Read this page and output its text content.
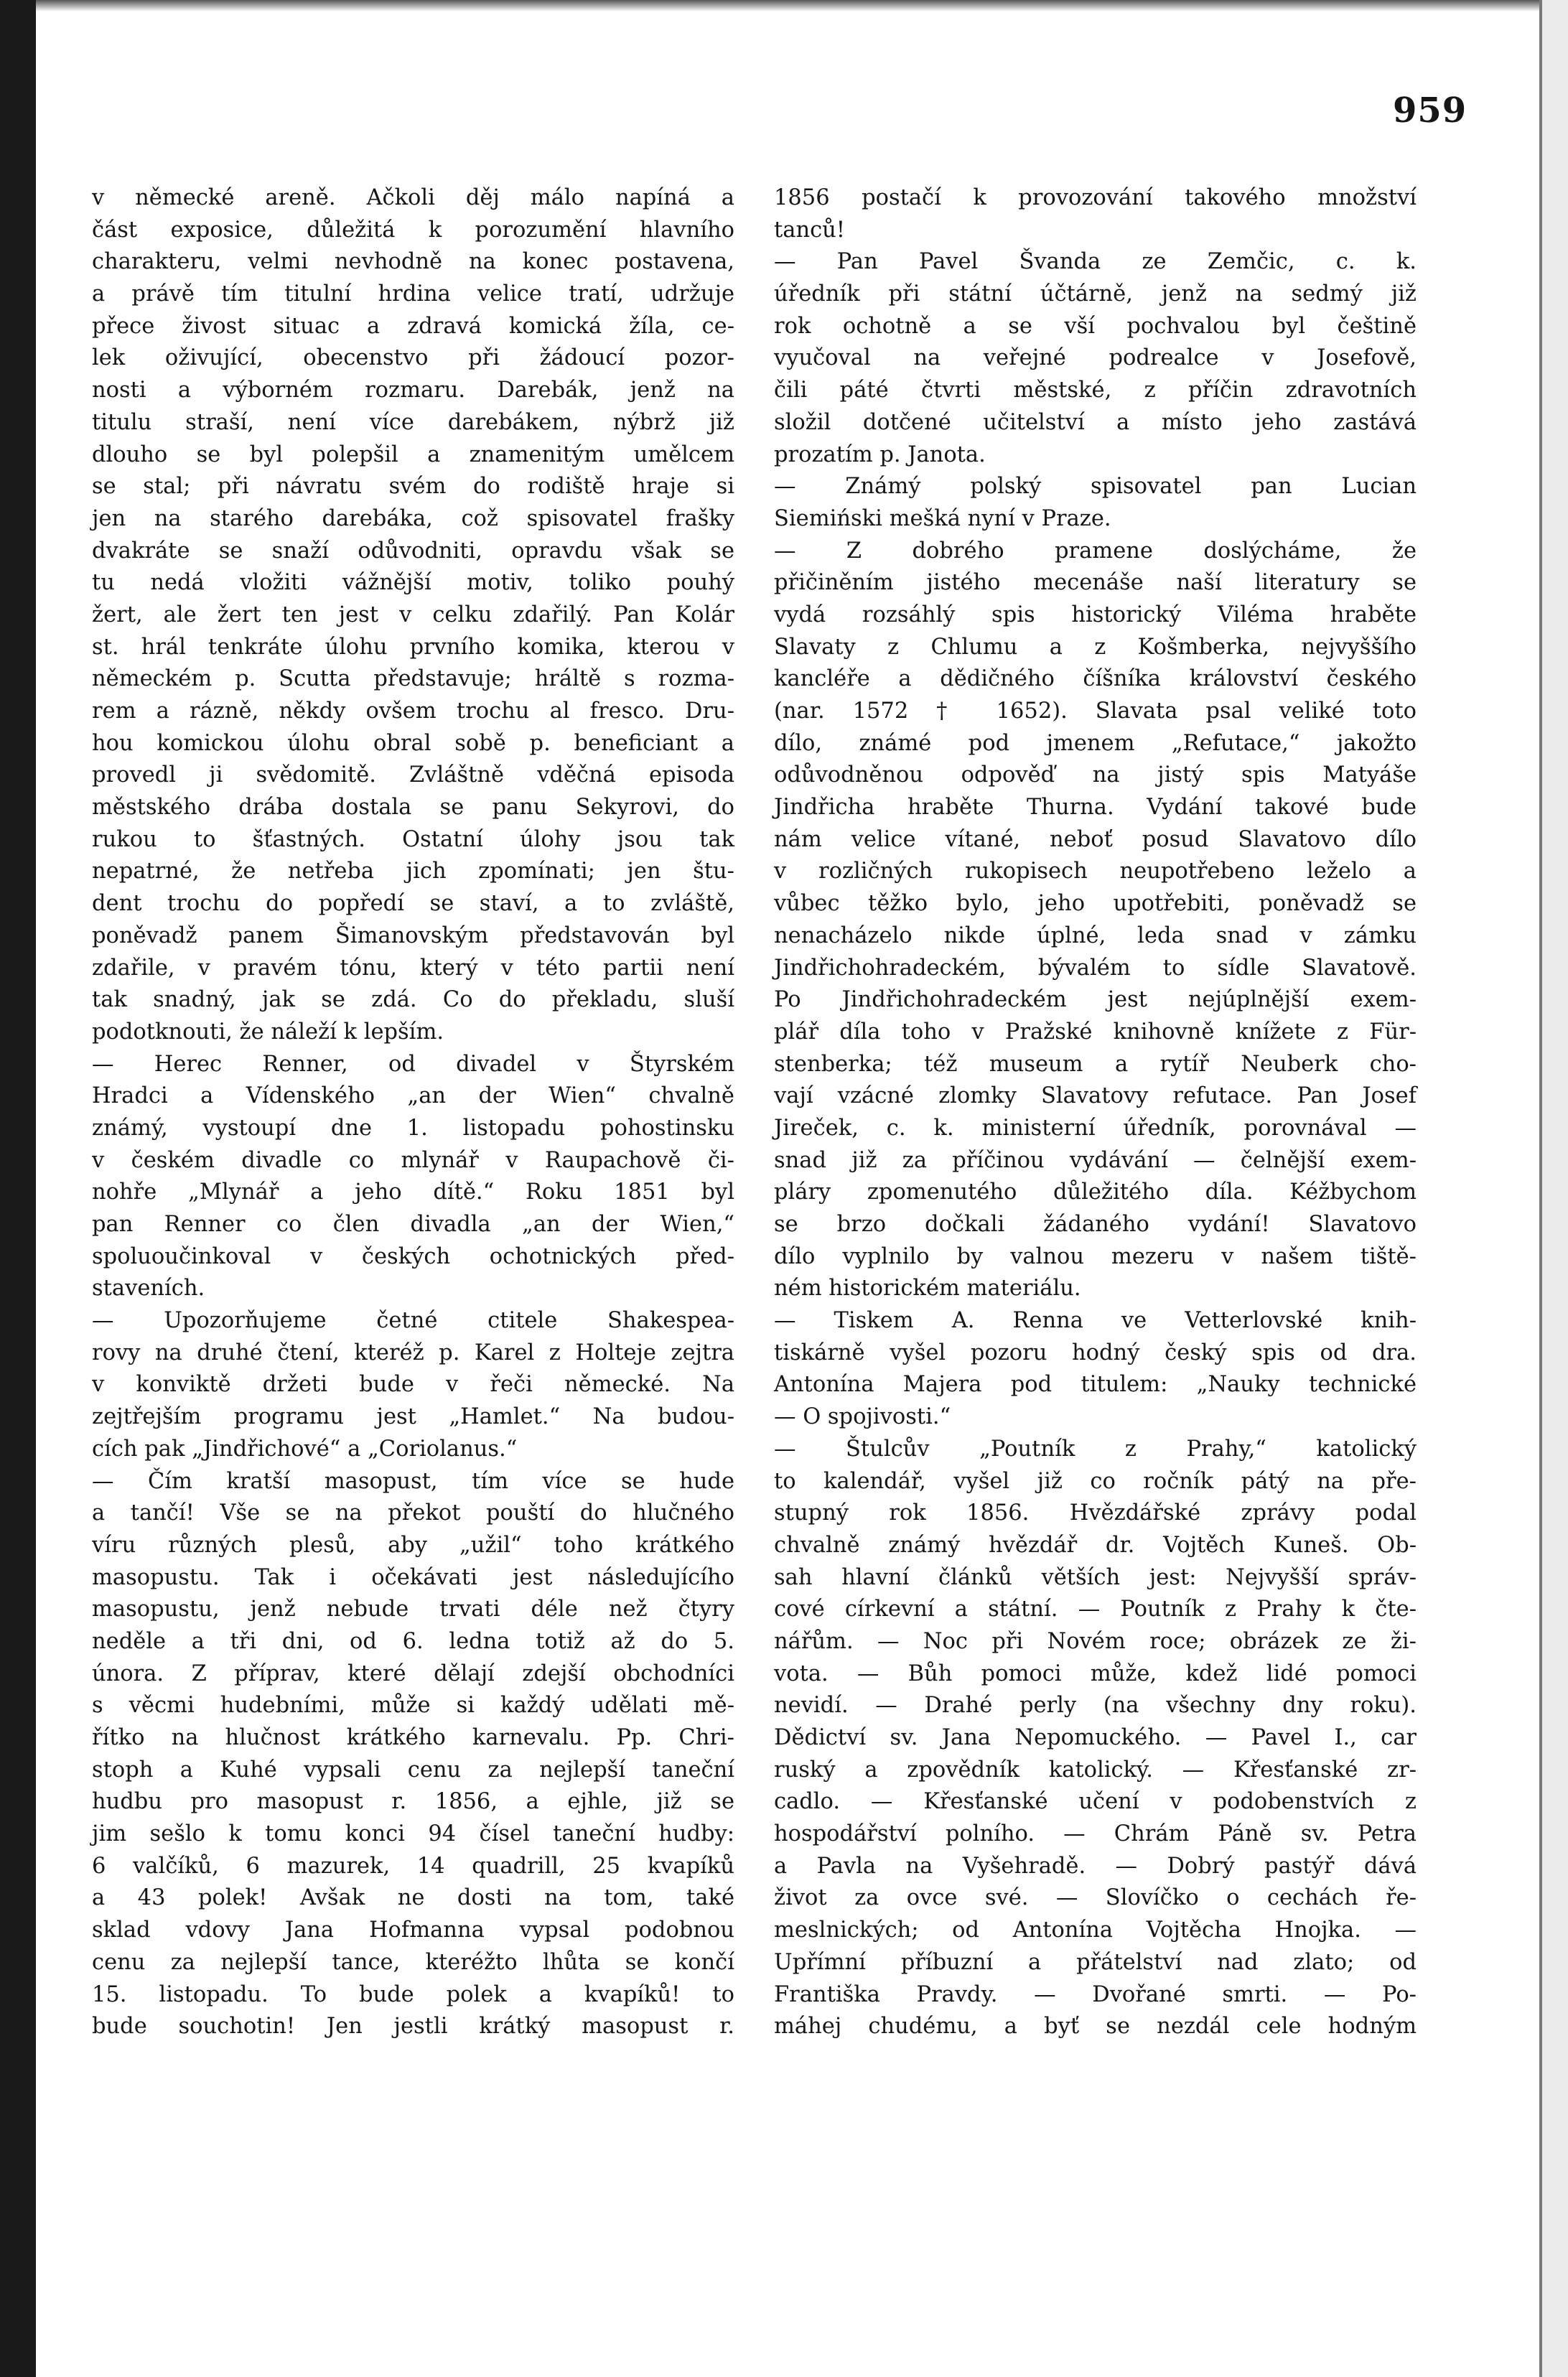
959
v německé areně. Ačkoli děj málo napíná a
část exposice, důležitá k porozumění hlavního
charakteru, velmi nevhodně na konec postavena,
a právě tím titulní hrdina velice tratí, udržuje
přece živost situac a zdravá komická žíla, ce-
lek oživující, obecenstvo při žádoucí pozor-
nosti a výborném rozmaru. Darebák, jenž na
titulu straší, není více darebákem, nýbrž již
dlouho se byl polepšil a znamenitým umělcem
se stal; při návratu svém do rodiště hraje si
jen na starého darebáka, což spisovatel frašky
dvakráte se snaží odůvodniti, opravdu však se
tu nedá vložiti vážnější motiv, toliko pouhý
žert, ale žert ten jest v celku zdařilý. Pan Kolár
st. hrál tenkráte úlohu prvního komika, kterou v
německém p. Scutta představuje; hráltě s rozma-
rem a rázně, někdy ovšem trochu al fresco. Dru-
hou komickou úlohu obral sobě p. beneficiant a
provedl ji svědomitě. Zvláštně vděčná episoda
městského drába dostala se panu Sekyrovi, do
rukou to šťastných. Ostatní úlohy jsou tak
nepatrné, že netřeba jich zpomínati; jen štu-
dent trochu do popředí se staví, a to zvláště,
poněvadž panem Šimanovským představován byl
zdařile, v pravém tónu, který v této partii není
tak snadný, jak se zdá. Co do překladu, sluší
podotknouti, že náleží k lepším.
— Herec Renner, od divadel v Štyrském
Hradci a Vídenského „an der Wien“ chvalně
známý, vystoupí dne 1. listopadu pohostinsku
v českém divadle co mlynář v Raupachově či-
nohře „Mlynář a jeho dítě.“ Roku 1851 byl
pan Renner co člen divadla „an der Wien,“
spoluoučinkoval v českých ochotnických před-
staveních.
— Upozorňujeme četné ctitele Shakespea-
rovy na druhé čtení, kteréž p. Karel z Holteje zejtra
v konviktě držeti bude v řeči německé. Na
zejtřejším programu jest „Hamlet.“ Na budou-
cích pak „Jindřichové“ a „Coriolanus.“
— Čím kratší masopust, tím více se hude
a tančí! Vše se na překot pouští do hlučného
víru různých plesů, aby „užil“ toho krátkého
masopustu. Tak i očekávati jest následujícího
masopustu, jenž nebude trvati déle než čtyry
neděle a tři dni, od 6. ledna totiž až do 5.
února. Z příprav, které dělají zdejší obchodníci
s věcmi hudebními, může si každý udělati mě-
řítko na hlučnost krátkého karnevalu. Pp. Chri-
stoph a Kuhé vypsali cenu za nejlepší taneční
hudbu pro masopust r. 1856, a ejhle, již se
jim sešlo k tomu konci 94 čísel taneční hudby:
6 valčíků, 6 mazurek, 14 quadrill, 25 kvapíků
a 43 polek! Avšak ne dosti na tom, také
sklad vdovy Jana Hofmanna vypsal podobnou
cenu za nejlepší tance, kteréžto lhůta se končí
15. listopadu. To bude polek a kvapíků! to
bude souchotin! Jen jestli krátký masopust r.
1856 postačí k provozování takového množství
tanců!
— Pan Pavel Švanda ze Zemčic, c. k.
úředník při státní účtárně, jenž na sedmý již
rok ochotně a se vší pochvalou byl češtině
vyučoval na veřejné podrealce v Josefově,
čili páté čtvrti městské, z příčin zdravotních
složil dotčené učitelství a místo jeho zastává
prozatím p. Janota.
— Známý polský spisovatel pan Lucian
Siemiński mešká nyní v Praze.
— Z dobrého pramene doslýcháme, že
přičiněním jistého mecenáše naší literatury se
vydá rozsáhlý spis historický Viléma hraběte
Slavaty z Chlumu a z Košmberka, nejvyššího
kancléře a dědičného číšníka království českého
(nar. 1572 † 1652). Slavata psal veliké toto
dílo, známé pod jmenem „Refutace,“ jakožto
odůvodněnou odpověď na jistý spis Matyáše
Jindřicha hraběte Thurna. Vydání takové bude
nám velice vítané, neboť posud Slavatovo dílo
v rozličných rukopisech neupotřebeno leželo a
vůbec těžko bylo, jeho upotřebiti, poněvadž se
nenacházelo nikde úplné, leda snad v zámku
Jindřichohradeckém, bývalém to sídle Slavatově.
Po Jindřichohradeckém jest nejúplnější exem-
plář díla toho v Pražské knihovně knížete z Für-
stenberka; též museum a rytíř Neuberk cho-
vají vzácné zlomky Slavatovy refutace. Pan Josef
Jireček, c. k. ministerní úředník, porovnával —
snad již za příčinou vydávání — čelnější exem-
pláry zpomenutého důležitého díla. Kéžbychom
se brzo dočkali žádaného vydání! Slavatovo
dílo vyplnilo by valnou mezeru v našem tiště-
ném historickém materiálu.
— Tiskem A. Renna ve Vetterlovské knih-
tiskárně vyšel pozoru hodný český spis od dra.
Antonína Majera pod titulem: „Nauky technické
— O spojivosti.“
— Štulcův „Poutník z Prahy,“ katolický
to kalendář, vyšel již co ročník pátý na pře-
stupný rok 1856. Hvězdářské zprávy podal
chvalně známý hvězdář dr. Vojtěch Kuneš. Ob-
sah hlavní článků větších jest: Nejvyšší správ-
cové církevní a státní. — Poutník z Prahy k čte-
nářům. — Noc při Novém roce; obrázek ze ži-
vota. — Bůh pomoci může, kdež lidé pomoci
nevidí. — Drahé perly (na všechny dny roku).
Dědictví sv. Jana Nepomuckého. — Pavel I., car
ruský a zpovědník katolický. — Křesťanské zr-
cadlo. — Křesťanské učení v podobenstvích z
hospodářství polního. — Chrám Páně sv. Petra
a Pavla na Vyšehradě. — Dobrý pastýř dává
život za ovce své. — Slovíčko o cechách ře-
meslnických; od Antonína Vojtěcha Hnojka. —
Upřímní příbuzní a přátelství nad zlato; od
Františka Pravdy. — Dvořané smrti. — Po-
máhej chudému, a byť se nezdál cele hodným
